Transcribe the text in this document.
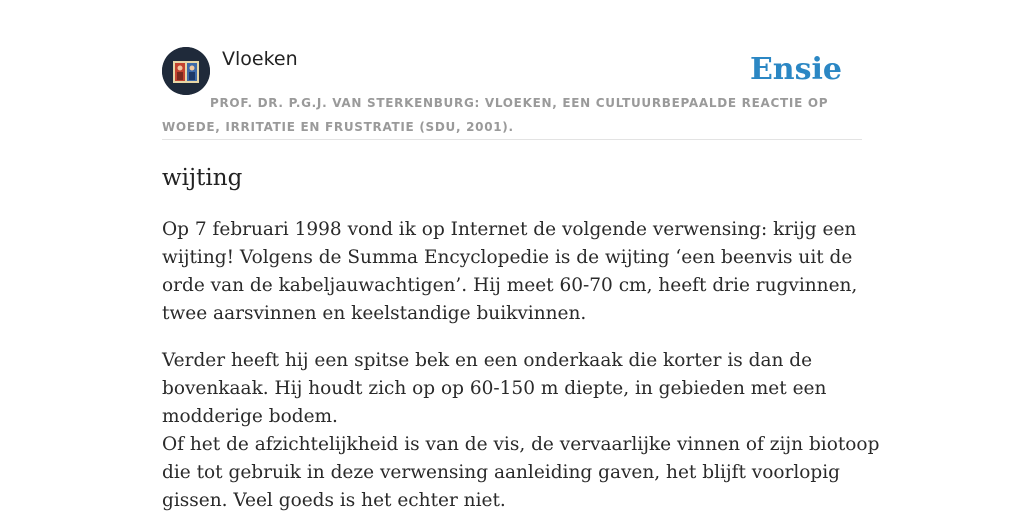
Vloeken	Ensie
PROF. DR. P.G.J. VAN STERKENBURG: VLOEKEN, EEN CULTUURBEPAALDE REACTIE OP WOEDE, IRRITATIE EN FRUSTRATIE (SDU, 2001).
wijting

Op 7 februari 1998 vond ik op Internet de volgende verwensing: krijg een wijting! Volgens de Summa Encyclopedie is de wijting ‘een beenvis uit de orde van de kabeljauwachtigen’. Hij meet 60-70 cm, heeft drie rugvinnen, twee aarsvinnen en keelstandige buikvinnen.

Verder heeft hij een spitse bek en een onderkaak die korter is dan de bovenkaak. Hij houdt zich op op 60-150 m diepte, in gebieden met een modderige bodem.

Of het de afzichtelijkheid is van de vis, de vervaarlijke vinnen of zijn biotoop die tot gebruik in deze verwensing aanleiding gaven, het blijft voorlopig gissen. Veel goeds is het echter niet.
